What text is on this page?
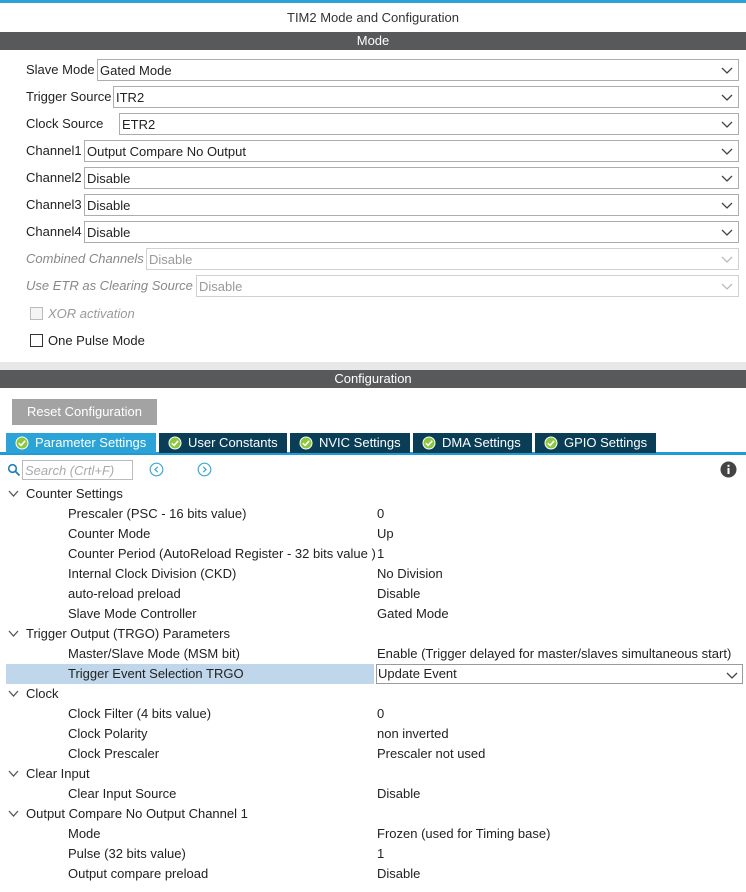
TIM2 Mode and Configuration
Mode
Slave Mode Gated Mode
Trigger Source ITR2
Clock Source ETR2
Channel1 Output Compare No Output
Channel2 Disable
Channel3 Disable
Channel4 Disable
Combined Channels Disable
Use ETR as Clearing Source Disable
XOR activation
One Pulse Mode
Configuration
Reset Configuration
Parameter Settings	User Constants	NVIC Settings	DMA Settings	GPIO Settings
Search (Crtl+F)
Counter Settings
Prescaler (PSC - 16 bits value)	0
Counter Mode	Up
Counter Period (AutoReload Register - 32 bits value ) 1
Internal Clock Division (CKD)	No Division
auto-reload preload	Disable
Slave Mode Controller	Gated Mode
Trigger Output (TRGO) Parameters
Master/Slave Mode (MSM bit)	Enable (Trigger delayed for master/slaves simultaneous start)
Trigger Event Selection TRGO	Update Event
Clock
Clock Filter (4 bits value)	0
Clock Polarity	non inverted
Clock Prescaler	Prescaler not used
Clear Input
Clear Input Source	Disable
Output Compare No Output Channel 1
Mode	Frozen (used for Timing base)
Pulse (32 bits value)	1
Output compare preload	Disable
